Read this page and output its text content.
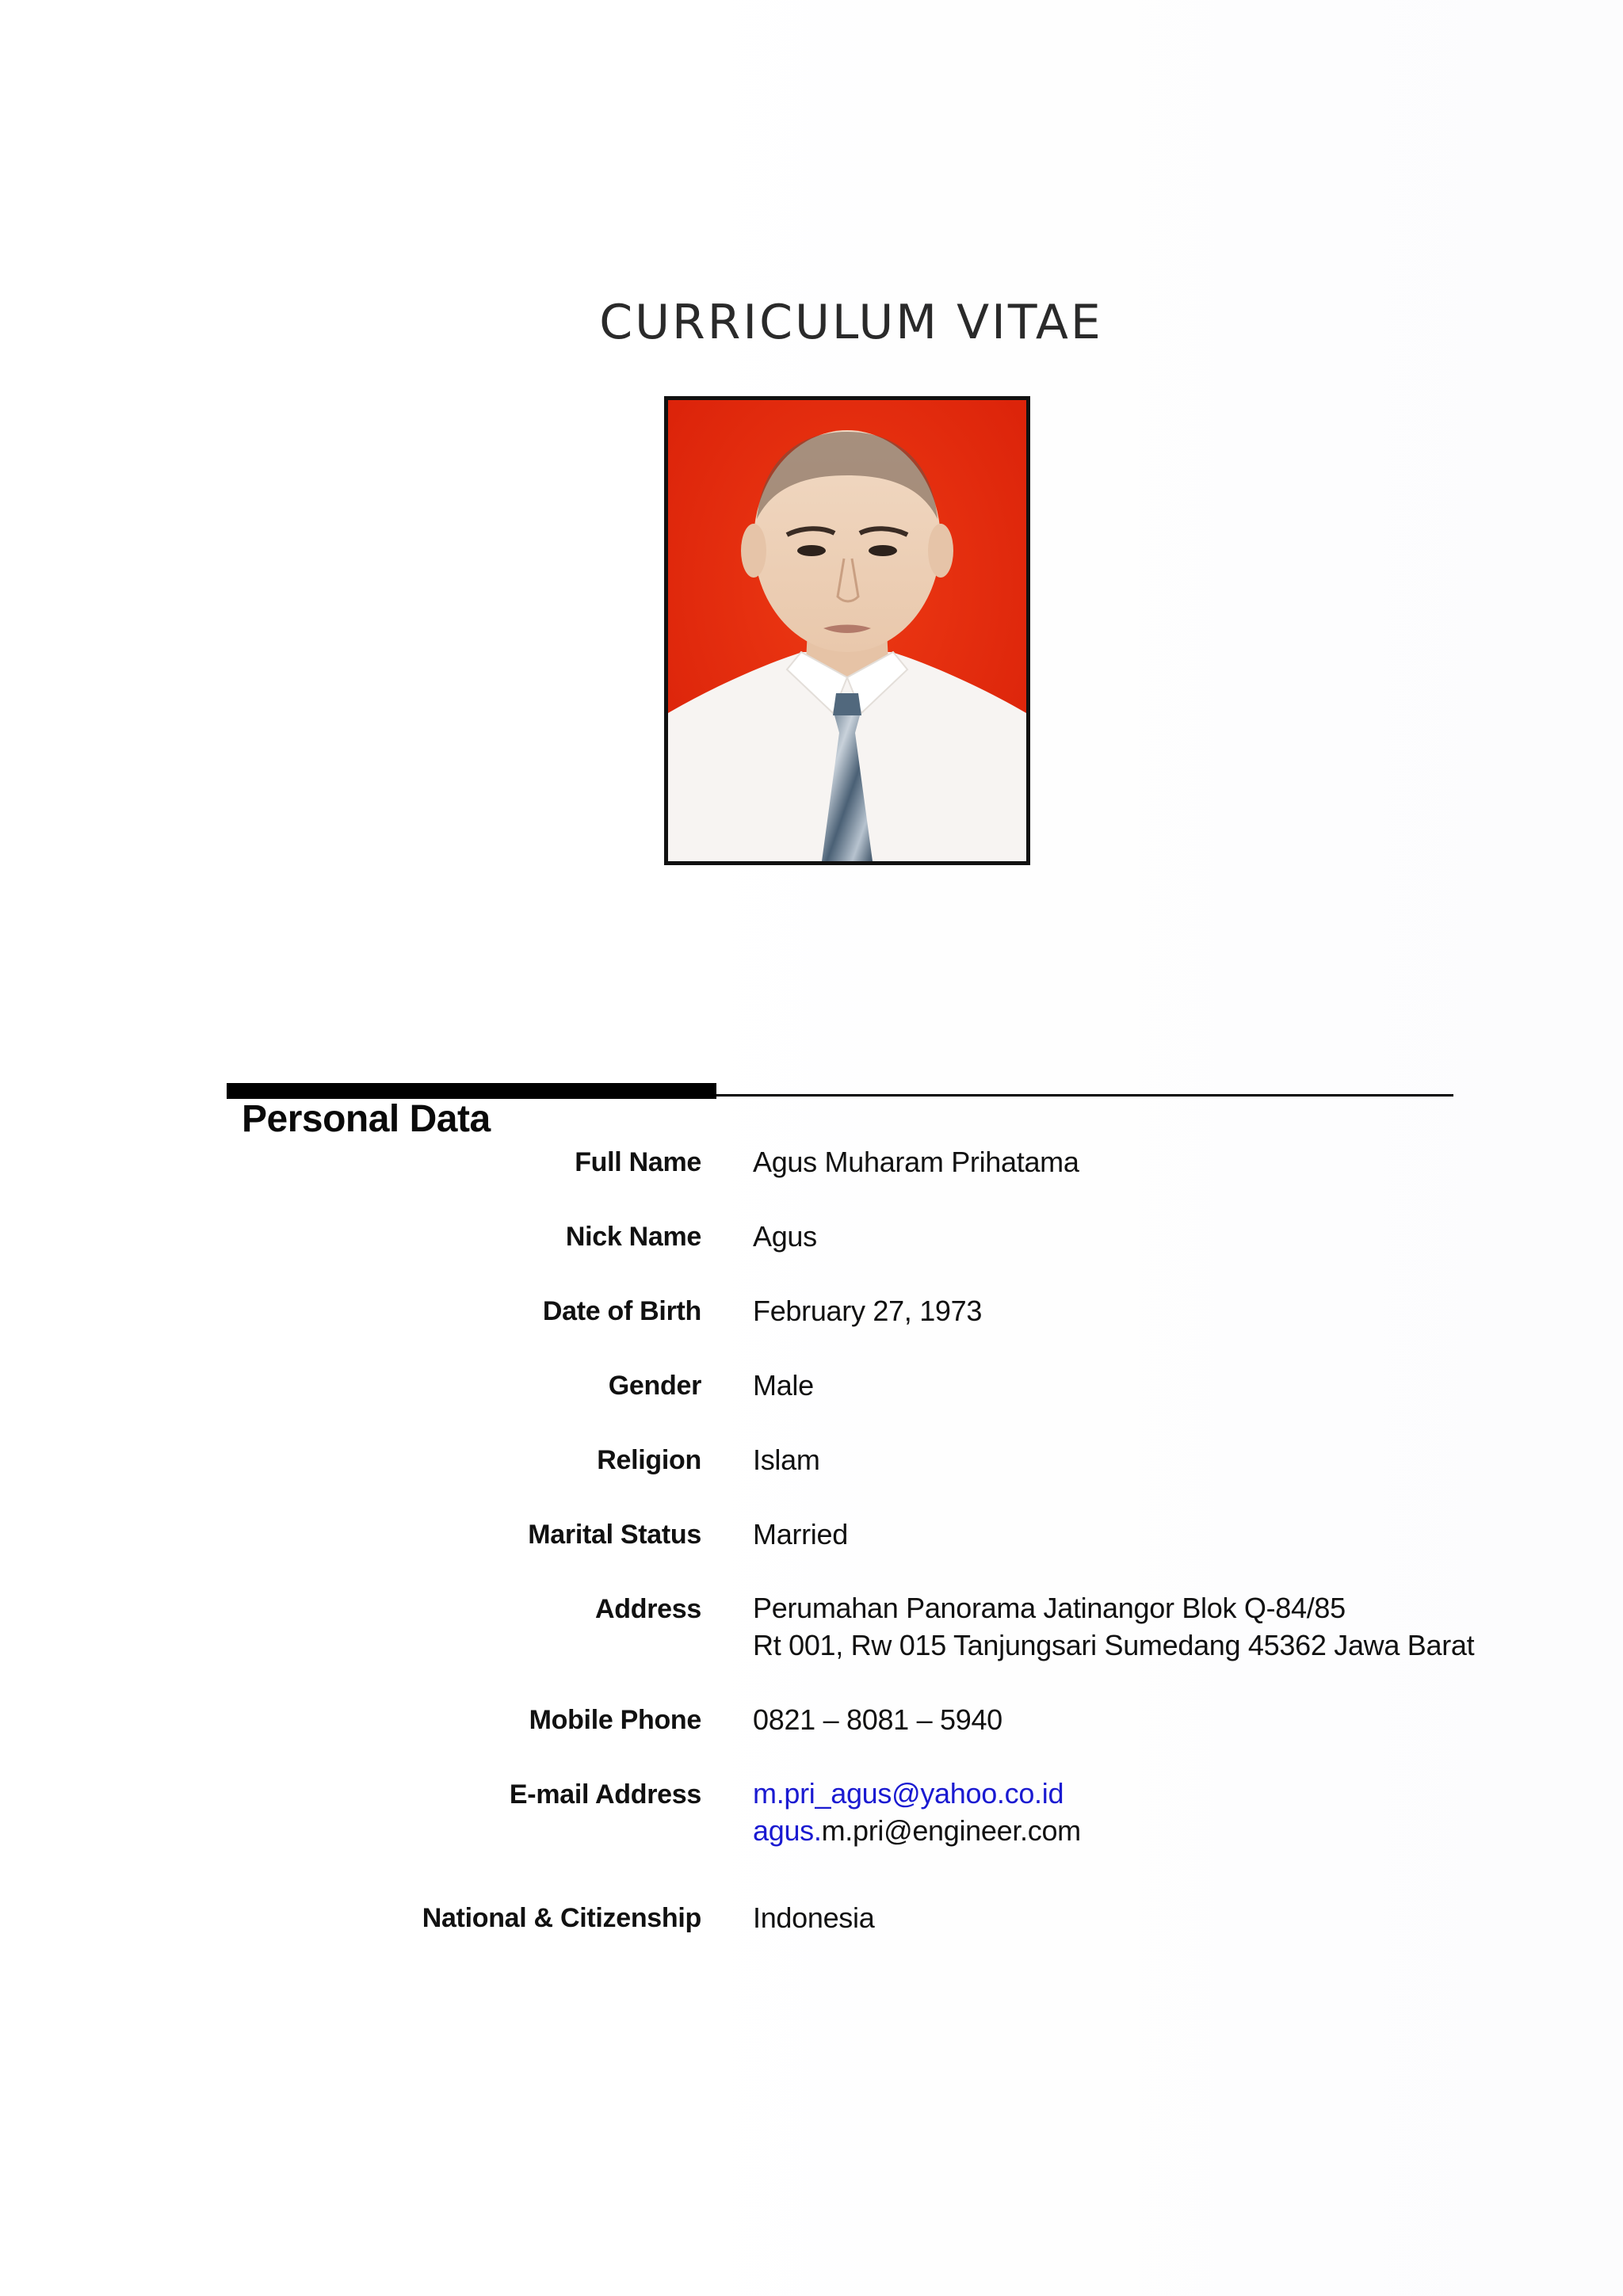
CURRICULUM VITAE
Personal Data
Full Name Agus Muharam Prihatama
Nick Name Agus
Date of Birth February 27, 1973
Gender Male
Religion Islam
Marital Status Married
Address Perumahan Panorama Jatinangor Blok Q-84/85
Rt 001, Rw 015 Tanjungsari Sumedang 45362 Jawa Barat
Mobile Phone 0821 – 8081 – 5940
E-mail Address m.pri_agus@yahoo.co.id
agus.m.pri@engineer.com
National & Citizenship Indonesia
